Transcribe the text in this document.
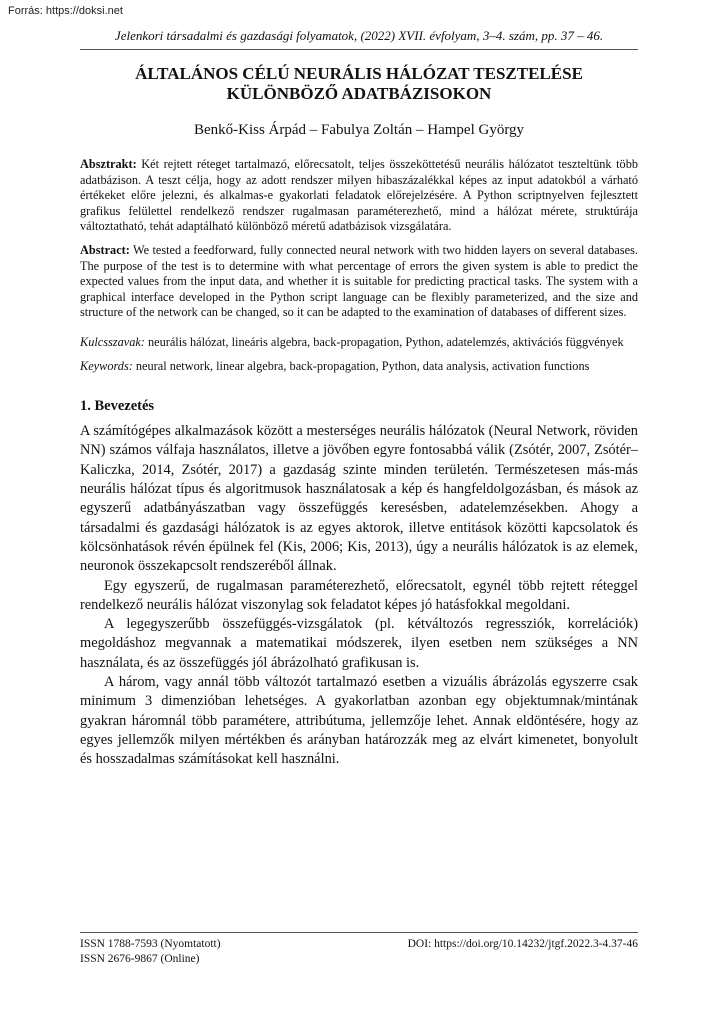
Forrás: https://doksi.net

Jelenkori társadalmi és gazdasági folyamatok, (2022) XVII. évfolyam, 3–4. szám, pp. 37 – 46.

ÁLTALÁNOS CÉLÚ NEURÁLIS HÁLÓZAT TESZTELÉSE
KÜLÖNBÖZŐ ADATBÁZISOKON

Benkő-Kiss Árpád – Fabulya Zoltán – Hampel György

Absztrakt: Két rejtett réteget tartalmazó, előrecsatolt, teljes összeköttetésű neurális hálózatot teszteltünk több adatbázison. A teszt célja, hogy az adott rendszer milyen hibaszázalékkal képes az input adatokból a várható értékeket előre jelezni, és alkalmas-e gyakorlati feladatok előrejelzésére. A Python scriptnyelven fejlesztett grafikus felülettel rendelkező rendszer rugalmasan paraméterezhető, mind a hálózat mérete, struktúrája változtatható, tehát adaptálható különböző méretű adatbázisok vizsgálatára.

Abstract: We tested a feedforward, fully connected neural network with two hidden layers on several databases. The purpose of the test is to determine with what percentage of errors the given system is able to predict the expected values from the input data, and whether it is suitable for predicting practical tasks. The system with a graphical interface developed in the Python script language can be flexibly parameterized, and the size and structure of the network can be changed, so it can be adapted to the examination of databases of different sizes.

Kulcsszavak: neurális hálózat, lineáris algebra, back-propagation, Python, adatelemzés, aktivációs függvények

Keywords: neural network, linear algebra, back-propagation, Python, data analysis, activation functions

1. Bevezetés

A számítógépes alkalmazások között a mesterséges neurális hálózatok (Neural Network, röviden NN) számos válfaja használatos, illetve a jövőben egyre fontosabbá válik (Zsótér, 2007, Zsótér–Kaliczka, 2014, Zsótér, 2017) a gazdaság szinte minden területén. Természetesen más-más neurális hálózat típus és algoritmusok használatosak a kép és hangfeldolgozásban, és mások az egyszerű adatbányászatban vagy összefüggés keresésben, adatelemzésekben. Ahogy a társadalmi és gazdasági hálózatok is az egyes aktorok, illetve entitások közötti kapcsolatok és kölcsönhatások révén épülnek fel (Kis, 2006; Kis, 2013), úgy a neurális hálózatok is az elemek, neuronok összekapcsolt rendszeréből állnak.

Egy egyszerű, de rugalmasan paraméterezhető, előrecsatolt, egynél több rejtett réteggel rendelkező neurális hálózat viszonylag sok feladatot képes jó hatásfokkal megoldani.

A legegyszerűbb összefüggés-vizsgálatok (pl. kétváltozós regressziók, korrelációk) megoldáshoz megvannak a matematikai módszerek, ilyen esetben nem szükséges a NN használata, és az összefüggés jól ábrázolható grafikusan is.

A három, vagy annál több változót tartalmazó esetben a vizuális ábrázolás egyszerre csak minimum 3 dimenzióban lehetséges. A gyakorlatban azonban egy objektumnak/mintának gyakran háromnál több paramétere, attribútuma, jellemzője lehet. Annak eldöntésére, hogy az egyes jellemzők milyen mértékben és arányban határozzák meg az elvárt kimenetet, bonyolult és hosszadalmas számításokat kell használni.

ISSN 1788-7593 (Nyomtatott)	DOI: https://doi.org/10.14232/jtgf.2022.3-4.37-46
ISSN 2676-9867 (Online)
